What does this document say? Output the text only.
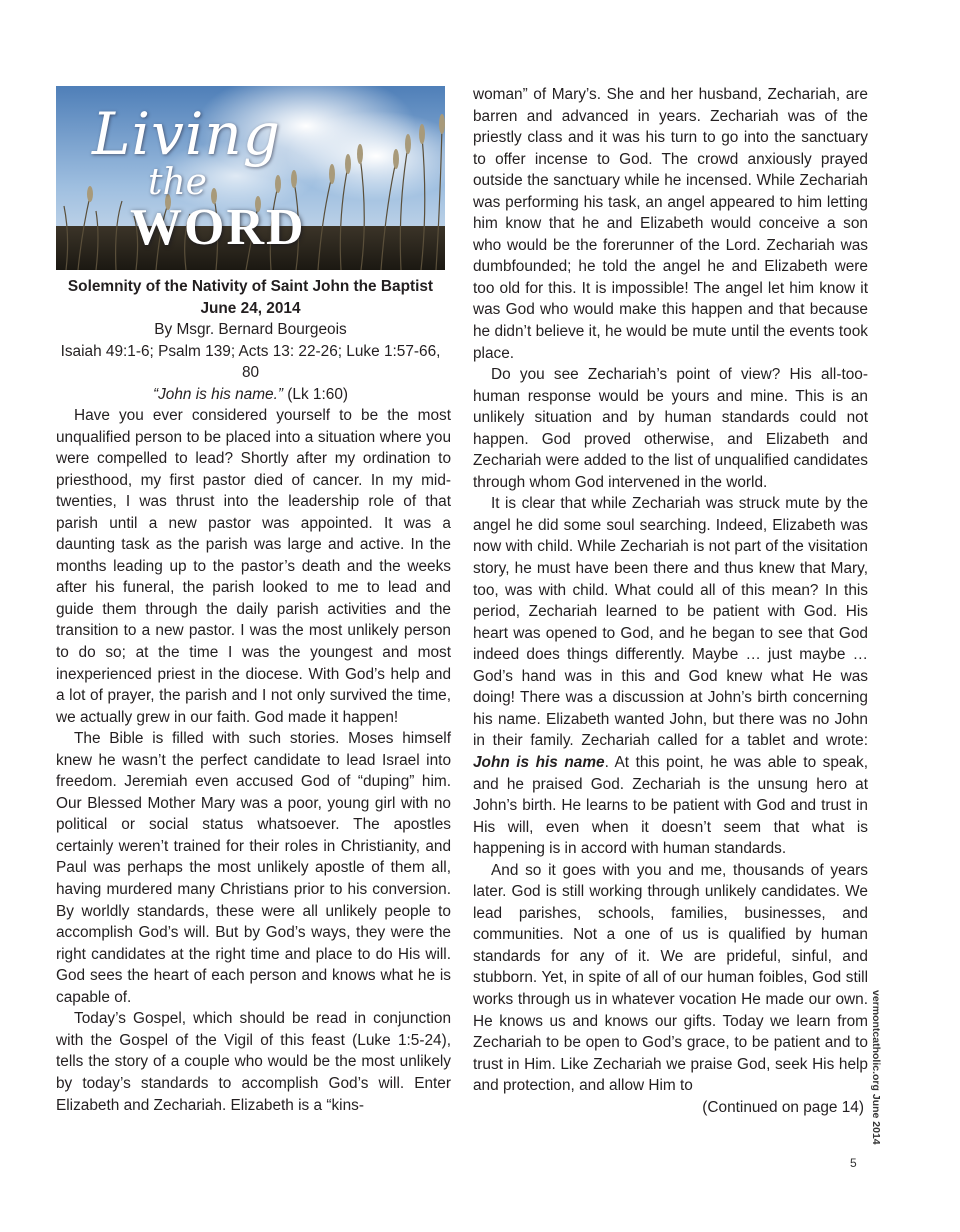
Living

the

WORD

Solemnity of the Nativity of Saint John the Baptist

June 24, 2014

By Msgr. Bernard Bourgeois

Isaiah 49:1-6; Psalm 139; Acts 13: 22-26; Luke 1:57-66, 80

“John is his name.” (Lk 1:60)

Have you ever considered yourself to be the most unqualified person to be placed into a situation where you were compelled to lead? Shortly after my ordination to priesthood, my first pastor died of cancer. In my mid-twenties, I was thrust into the leadership role of that parish until a new pastor was appointed. It was a daunting task as the parish was large and active. In the months leading up to the pastor’s death and the weeks after his funeral, the parish looked to me to lead and guide them through the daily parish activities and the transition to a new pastor. I was the most unlikely person to do so; at the time I was the youngest and most inexperienced priest in the diocese. With God’s help and a lot of prayer, the parish and I not only survived the time, we actually grew in our faith. God made it happen!

The Bible is filled with such stories. Moses himself knew he wasn’t the perfect candidate to lead Israel into freedom. Jeremiah even accused God of “duping” him. Our Blessed Mother Mary was a poor, young girl with no political or social status whatsoever. The apostles certainly weren’t trained for their roles in Christianity, and Paul was perhaps the most unlikely apostle of them all, having murdered many Christians prior to his conversion. By worldly standards, these were all unlikely people to accomplish God’s will. But by God’s ways, they were the right candidates at the right time and place to do His will. God sees the heart of each person and knows what he is capable of.

Today’s Gospel, which should be read in conjunction with the Gospel of the Vigil of this feast (Luke 1:5-24), tells the story of a couple who would be the most unlikely by today’s standards to accomplish God’s will. Enter Elizabeth and Zechariah. Elizabeth is a “kins-

woman” of Mary’s. She and her husband, Zechariah, are barren and advanced in years. Zechariah was of the priestly class and it was his turn to go into the sanctuary to offer incense to God. The crowd anxiously prayed outside the sanctuary while he incensed. While Zechariah was performing his task, an angel appeared to him letting him know that he and Elizabeth would conceive a son who would be the forerunner of the Lord. Zechariah was dumbfounded; he told the angel he and Elizabeth were too old for this. It is impossible! The angel let him know it was God who would make this happen and that because he didn’t believe it, he would be mute until the events took place.

Do you see Zechariah’s point of view? His all-too-human response would be yours and mine. This is an unlikely situation and by human standards could not happen. God proved otherwise, and Elizabeth and Zechariah were added to the list of unqualified candidates through whom God intervened in the world.

It is clear that while Zechariah was struck mute by the angel he did some soul searching. Indeed, Elizabeth was now with child. While Zechariah is not part of the visitation story, he must have been there and thus knew that Mary, too, was with child. What could all of this mean? In this period, Zechariah learned to be patient with God. His heart was opened to God, and he began to see that God indeed does things differently. Maybe … just maybe … God’s hand was in this and God knew what He was doing! There was a discussion at John’s birth concerning his name. Elizabeth wanted John, but there was no John in their family. Zechariah called for a tablet and wrote: John is his name. At this point, he was able to speak, and he praised God. Zechariah is the unsung hero at John’s birth. He learns to be patient with God and trust in His will, even when it doesn’t seem that what is happening is in accord with human standards.

And so it goes with you and me, thousands of years later. God is still working through unlikely candidates. We lead parishes, schools, families, businesses, and communities. Not a one of us is qualified by human standards for any of it. We are prideful, sinful, and stubborn. Yet, in spite of all of our human foibles, God still works through us in whatever vocation He made our own. He knows us and knows our gifts. Today we learn from Zechariah to be open to God’s grace, to be patient and to trust in Him. Like Zechariah we praise God, seek His help and protection, and allow Him to

(Continued on page 14) vermontcatholic.org June 2014
5
